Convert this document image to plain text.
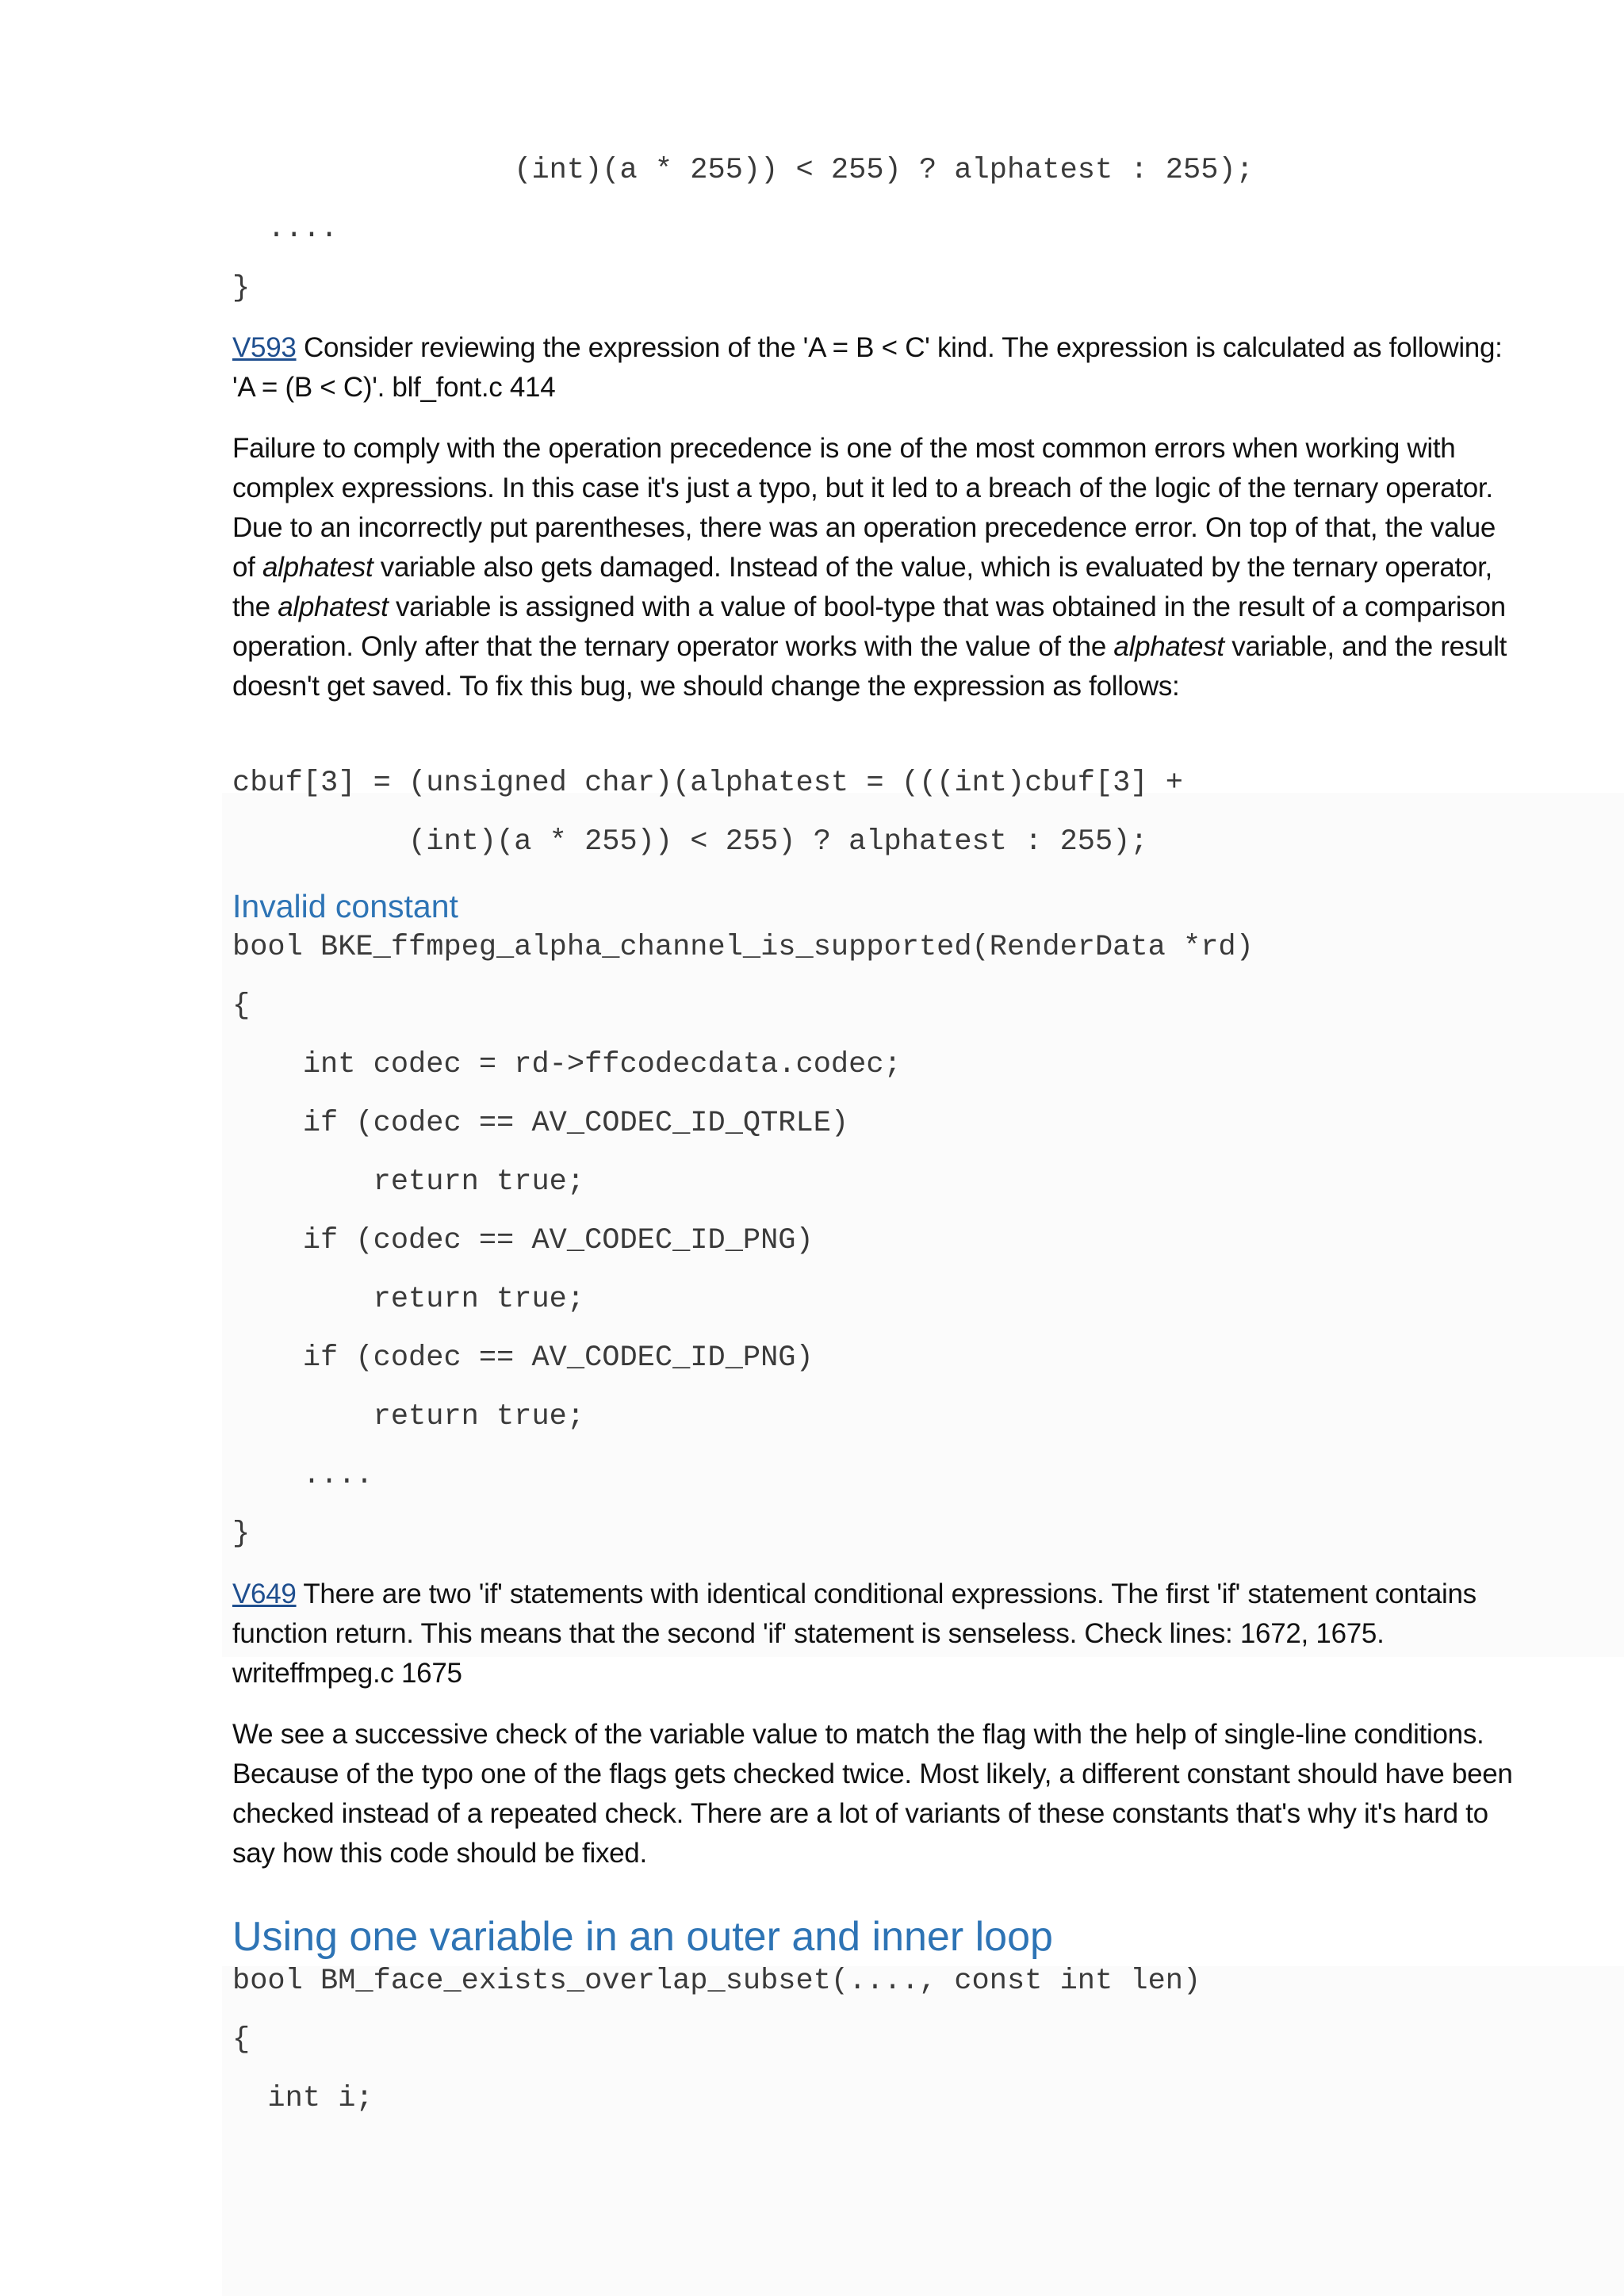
(int)(a * 255)) < 255) ? alphatest : 255);
....
}

V593 Consider reviewing the expression of the 'A = B < C' kind. The expression is calculated as following: 'A = (B < C)'. blf_font.c 414

Failure to comply with the operation precedence is one of the most common errors when working with complex expressions. In this case it's just a typo, but it led to a breach of the logic of the ternary operator. Due to an incorrectly put parentheses, there was an operation precedence error. On top of that, the value of alphatest variable also gets damaged. Instead of the value, which is evaluated by the ternary operator, the alphatest variable is assigned with a value of bool-type that was obtained in the result of a comparison operation. Only after that the ternary operator works with the value of the alphatest variable, and the result doesn't get saved. To fix this bug, we should change the expression as follows:

cbuf[3] = (unsigned char)(alphatest = (((int)cbuf[3] +
(int)(a * 255)) < 255) ? alphatest : 255);
Invalid constant
bool BKE_ffmpeg_alpha_channel_is_supported(RenderData *rd)
{
int codec = rd->ffcodecdata.codec;
if (codec == AV_CODEC_ID_QTRLE)
return true;
if (codec == AV_CODEC_ID_PNG)
return true;
if (codec == AV_CODEC_ID_PNG)
return true;
....
}

V649 There are two 'if' statements with identical conditional expressions. The first 'if' statement contains function return. This means that the second 'if' statement is senseless. Check lines: 1672, 1675. writeffmpeg.c 1675

We see a successive check of the variable value to match the flag with the help of single-line conditions. Because of the typo one of the flags gets checked twice. Most likely, a different constant should have been checked instead of a repeated check. There are a lot of variants of these constants that's why it's hard to say how this code should be fixed.

Using one variable in an outer and inner loop
bool BM_face_exists_overlap_subset(...., const int len)
{
int i;
